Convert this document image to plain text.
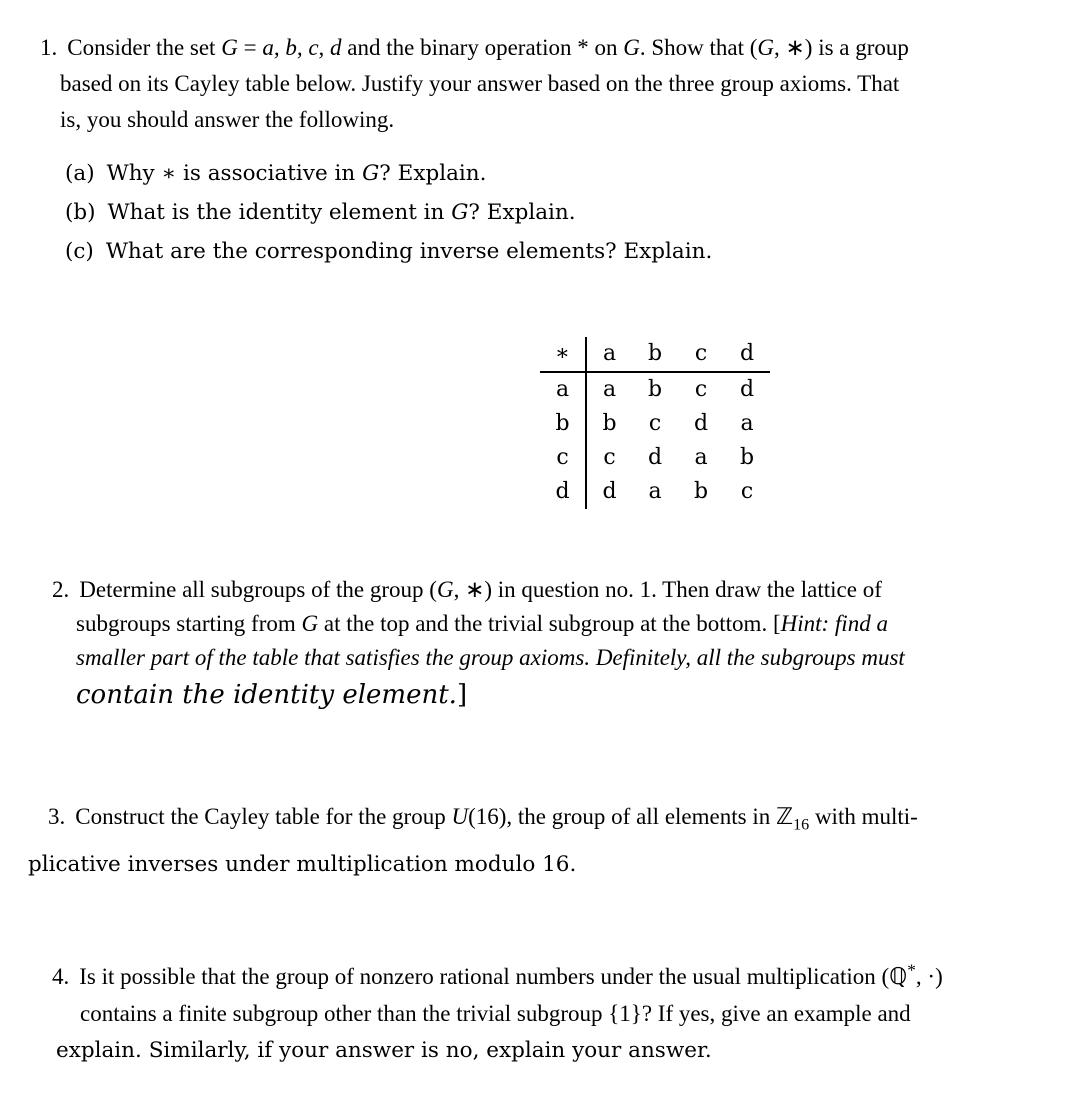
1. Consider the set G = a, b, c, d and the binary operation * on G. Show that (G, ∗) is a group
based on its Cayley table below. Justify your answer based on the three group axioms. That
is, you should answer the following.
(a) Why ∗ is associative in G? Explain.
(b) What is the identity element in G? Explain.
(c) What are the corresponding inverse elements? Explain.
∗	a	b	c	d
a	a	b	c	d
b	b	c	d	a
c	c	d	a	b
d	d	a	b	c
2. Determine all subgroups of the group (G, ∗) in question no. 1. Then draw the lattice of
subgroups starting from G at the top and the trivial subgroup at the bottom. [Hint: find a
smaller part of the table that satisfies the group axioms. Definitely, all the subgroups must
contain the identity element.]
3. Construct the Cayley table for the group U(16), the group of all elements in ℤ$_{16}$ with multi-
plicative inverses under multiplication modulo 16.
4. Is it possible that the group of nonzero rational numbers under the usual multiplication (ℚ*, ·)
contains a finite subgroup other than the trivial subgroup {1}? If yes, give an example and
explain. Similarly, if your answer is no, explain your answer.
